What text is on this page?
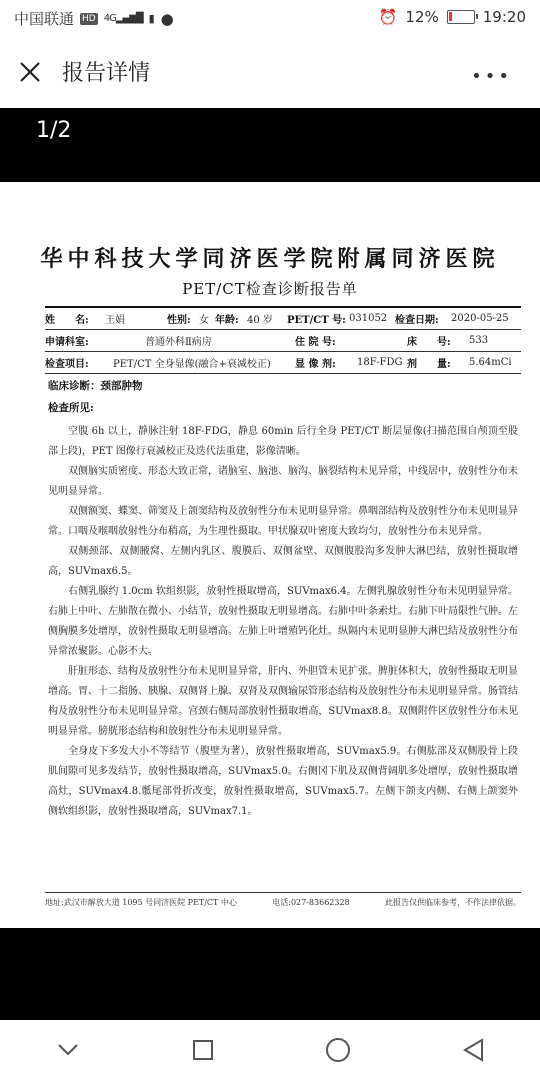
中国联通 HD 4G▂▄▆█ ▮ ●	⏰ 12%	19:20
报告详情	•••
1/2
华中科技大学同济医学院附属同济医院
PET/CT检查诊断报告单
姓　　名:	王娟	性别: 女 年龄: 40 岁	PET/CT 号: 031052 检查日期:	2020-05-25
申请科室:	普通外科Ⅱ病房	住 院 号:	床　　号:	533
检查项目:	PET/CT 全身显像(融合+衰减校正)	显 像 剂:	18F-FDG 剂　　量:	5.64mCi
临床诊断：颈部肿物
检查所见:

空腹 6h 以上，静脉注射 18F-FDG，静息 60min 后行全身 PET/CT 断层显像(扫描范围自颅顶至股部上段)，PET 图像行衰减校正及迭代法重建，影像清晰。

双侧脑实质密度、形态大致正常，诸脑室、脑池、脑沟、脑裂结构未见异常，中线居中，放射性分布未见明显异常。

双侧额窦、蝶窦、筛窦及上颌窦结构及放射性分布未见明显异常。鼻咽部结构及放射性分布未见明显异常。口咽及喉咽放射性分布稍高，为生理性摄取。甲状腺双叶密度大致均匀，放射性分布未见异常。

双侧颈部、双侧腋窝、左侧内乳区、腹膜后、双侧盆壁、双侧腹股沟多发肿大淋巴结，放射性摄取增高，SUVmax6.5。

右侧乳腺约 1.0cm 软组织影，放射性摄取增高，SUVmax6.4。左侧乳腺放射性分布未见明显异常。右肺上中叶、左肺散在微小、小结节，放射性摄取无明显增高。右肺中叶条索灶。右肺下叶局限性气肿。左侧胸膜多处增厚，放射性摄取无明显增高。左肺上叶增殖钙化灶。纵隔内未见明显肿大淋巴结及放射性分布异常浓聚影。心影不大。

肝脏形态、结构及放射性分布未见明显异常，肝内、外胆管未见扩张。脾脏体积大，放射性摄取无明显增高。胃、十二指肠、胰腺、双侧肾上腺、双肾及双侧输尿管形态结构及放射性分布未见明显异常。肠管结构及放射性分布未见明显异常。宫颈右侧局部放射性摄取增高，SUVmax8.8。双侧附件区放射性分布未见明显异常。膀胱形态结构和放射性分布未见明显异常。

全身皮下多发大小不等结节（腹壁为著），放射性摄取增高，SUVmax5.9。右侧肱部及双侧股骨上段肌间隙可见多发结节，放射性摄取增高，SUVmax5.0。右侧冈下肌及双侧背阔肌多处增厚，放射性摄取增高灶，SUVmax4.8.骶尾部骨折改变，放射性摄取增高，SUVmax5.7。左侧下颌支内侧、右侧上颌窦外侧软组织影，放射性摄取增高，SUVmax7.1。

地址:武汉市解放大道 1095 号同济医院 PET/CT 中心	电话:027-83662328	此报告仅供临床参考，不作法律依据。
